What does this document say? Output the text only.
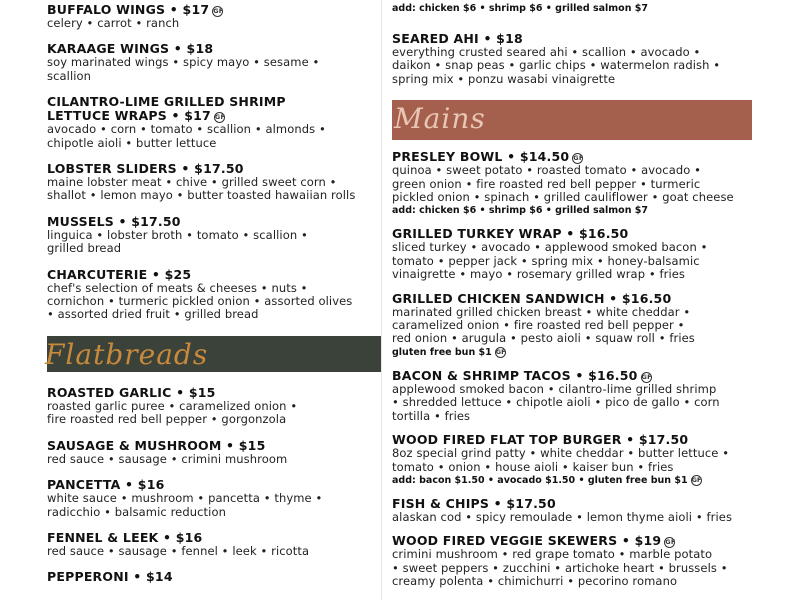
BUFFALO WINGS • $17 GF
celery • carrot • ranch
KARAAGE WINGS • $18
soy marinated wings • spicy mayo • sesame •
scallion
CILANTRO-LIME GRILLED SHRIMP
LETTUCE WRAPS • $17 GF
avocado • corn • tomato • scallion • almonds •
chipotle aioli • butter lettuce
LOBSTER SLIDERS • $17.50
maine lobster meat • chive • grilled sweet corn •
shallot • lemon mayo • butter toasted hawaiian rolls
MUSSELS • $17.50
linguica • lobster broth • tomato • scallion •
grilled bread
CHARCUTERIE • $25
chef's selection of meats & cheeses • nuts •
cornichon • turmeric pickled onion • assorted olives
• assorted dried fruit • grilled bread
Flatbreads
ROASTED GARLIC • $15
roasted garlic puree • caramelized onion •
fire roasted red bell pepper • gorgonzola
SAUSAGE & MUSHROOM • $15
red sauce • sausage • crimini mushroom
PANCETTA • $16
white sauce • mushroom • pancetta • thyme •
radicchio • balsamic reduction
FENNEL & LEEK • $16
red sauce • sausage • fennel • leek • ricotta
PEPPERONI • $14
add: chicken $6 • shrimp $6 • grilled salmon $7
SEARED AHI • $18
everything crusted seared ahi • scallion • avocado •
daikon • snap peas • garlic chips • watermelon radish •
spring mix • ponzu wasabi vinaigrette
Mains
PRESLEY BOWL • $14.50 GF
quinoa • sweet potato • roasted tomato • avocado •
green onion • fire roasted red bell pepper • turmeric
pickled onion • spinach • grilled cauliflower • goat cheese
add: chicken $6 • shrimp $6 • grilled salmon $7
GRILLED TURKEY WRAP • $16.50
sliced turkey • avocado • applewood smoked bacon •
tomato • pepper jack • spring mix • honey-balsamic
vinaigrette • mayo • rosemary grilled wrap • fries
GRILLED CHICKEN SANDWICH • $16.50
marinated grilled chicken breast • white cheddar •
caramelized onion • fire roasted red bell pepper •
red onion • arugula • pesto aioli • squaw roll • fries
gluten free bun $1 GF
BACON & SHRIMP TACOS • $16.50 GF
applewood smoked bacon • cilantro-lime grilled shrimp
• shredded lettuce • chipotle aioli • pico de gallo • corn
tortilla • fries
WOOD FIRED FLAT TOP BURGER • $17.50
8oz special grind patty • white cheddar • butter lettuce •
tomato • onion • house aioli • kaiser bun • fries
add: bacon $1.50 • avocado $1.50 • gluten free bun $1 GF
FISH & CHIPS • $17.50
alaskan cod • spicy remoulade • lemon thyme aioli • fries
WOOD FIRED VEGGIE SKEWERS • $19 GF
crimini mushroom • red grape tomato • marble potato
• sweet peppers • zucchini • artichoke heart • brussels •
creamy polenta • chimichurri • pecorino romano
